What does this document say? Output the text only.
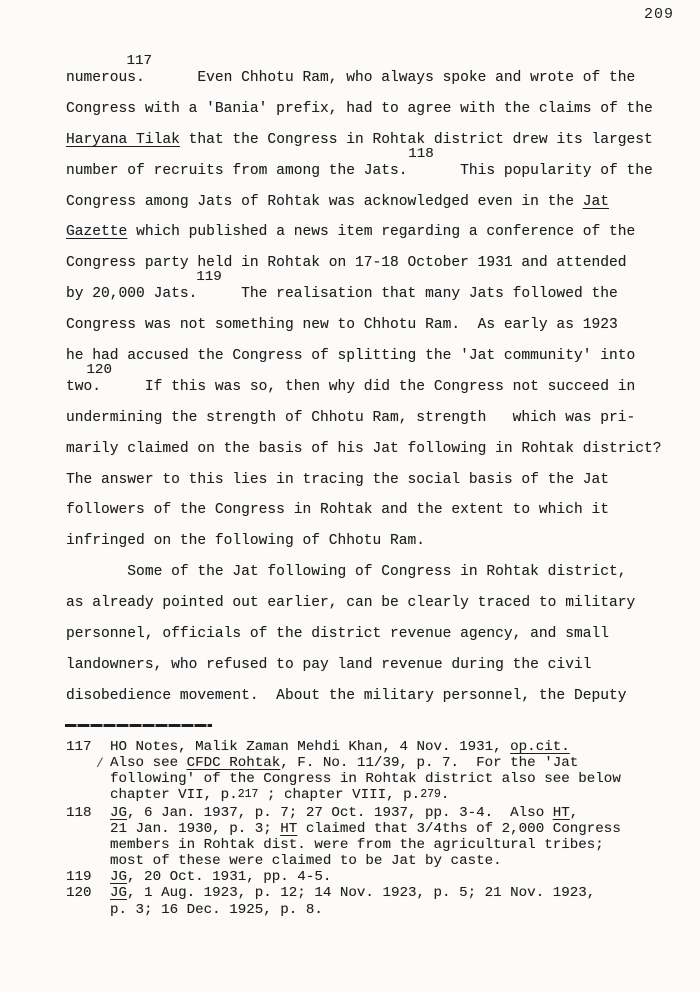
209
117
numerous.      Even Chhotu Ram, who always spoke and wrote of the
Congress with a 'Bania' prefix, had to agree with the claims of the
Haryana Tilak that the Congress in Rohtak district drew its largest
118
number of recruits from among the Jats.      This popularity of the
Congress among Jats of Rohtak was acknowledged even in the Jat
Gazette which published a news item regarding a conference of the
Congress party held in Rohtak on 17-18 October 1931 and attended
119
by 20,000 Jats.     The realisation that many Jats followed the
Congress was not something new to Chhotu Ram.  As early as 1923
he had accused the Congress of splitting the 'Jat community' into
120
two.     If this was so, then why did the Congress not succeed in
undermining the strength of Chhotu Ram, strength   which was pri-
marily claimed on the basis of his Jat following in Rohtak district?
The answer to this lies in tracing the social basis of the Jat
followers of the Congress in Rohtak and the extent to which it
infringed on the following of Chhotu Ram.
Some of the Jat following of Congress in Rohtak district,
as already pointed out earlier, can be clearly traced to military
personnel, officials of the district revenue agency, and small
landowners, who refused to pay land revenue during the civil
disobedience movement.  About the military personnel, the Deputy
117	HO Notes, Malik Zaman Mehdi Khan, 4 Nov. 1931, op.cit.
/ Also see CFDC Rohtak, F. No. 11/39, p. 7.  For the 'Jat
following' of the Congress in Rohtak district also see below
chapter VII, p.217 ; chapter VIII, p.279.
118	JG, 6 Jan. 1937, p. 7; 27 Oct. 1937, pp. 3-4.  Also HT,
21 Jan. 1930, p. 3; HT claimed that 3/4ths of 2,000 Congress
members in Rohtak dist. were from the agricultural tribes;
most of these were claimed to be Jat by caste.
119	JG, 20 Oct. 1931, pp. 4-5.
120	JG, 1 Aug. 1923, p. 12; 14 Nov. 1923, p. 5; 21 Nov. 1923,
p. 3; 16 Dec. 1925, p. 8.
